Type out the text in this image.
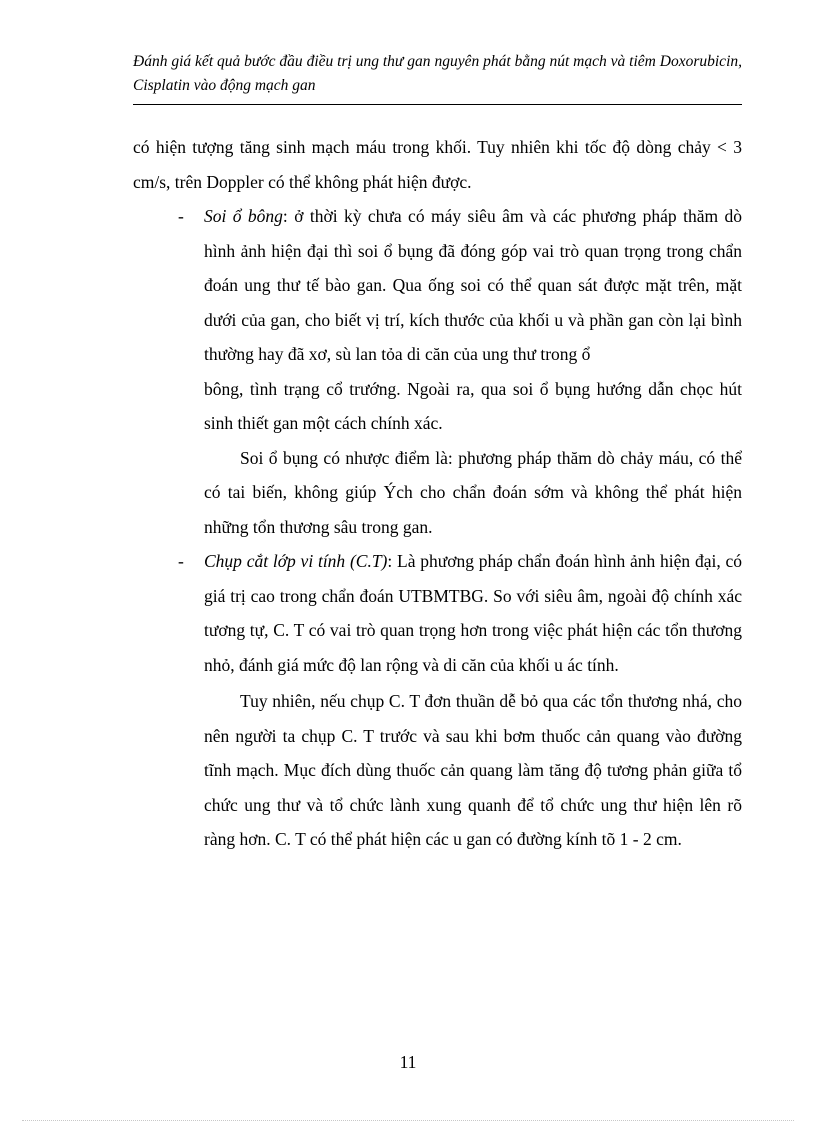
Đánh giá kết quả bước đầu điều trị ung thư gan nguyên phát bằng nút mạch và tiêm Doxorubicin, Cisplatin vào động mạch gan

có hiện tượng tăng sinh mạch máu trong khối. Tuy nhiên khi tốc độ dòng chảy < 3 cm/s, trên Doppler có thể không phát hiện được.

- Soi ổ bông: ở thời kỳ chưa có máy siêu âm và các phương pháp thăm dò hình ảnh hiện đại thì soi ổ bụng đã đóng góp vai trò quan trọng trong chẩn đoán ung thư tế bào gan. Qua ống soi có thể quan sát được mặt trên, mặt dưới của gan, cho biết vị trí, kích thước của khối u và phần gan còn lại bình thường hay đã xơ, sù lan tỏa di căn của ung thư trong ổ

bông, tình trạng cổ trướng. Ngoài ra, qua soi ổ bụng hướng dẫn chọc hút sinh thiết gan một cách chính xác.

Soi ổ bụng có nhược điểm là: phương pháp thăm dò chảy máu, có thể có tai biến, không giúp Ých cho chẩn đoán sớm và không thể phát hiện những tổn thương sâu trong gan.

- Chụp cắt lớp vi tính (C.T): Là phương pháp chẩn đoán hình ảnh hiện đại, có giá trị cao trong chẩn đoán UTBMTBG. So với siêu âm, ngoài độ chính xác tương tự, C. T có vai trò quan trọng hơn trong việc phát hiện các tổn thương nhỏ, đánh giá mức độ lan rộng và di căn của khối u ác tính.

Tuy nhiên, nếu chụp C. T đơn thuần dễ bỏ qua các tổn thương nhá, cho nên người ta chụp C. T trước và sau khi bơm thuốc cản quang vào đường tĩnh mạch. Mục đích dùng thuốc cản quang làm tăng độ tương phản giữa tổ chức ung thư và tổ chức lành xung quanh để tổ chức ung thư hiện lên rõ ràng hơn. C. T có thể phát hiện các u gan có đường kính tõ 1 - 2 cm.

11
